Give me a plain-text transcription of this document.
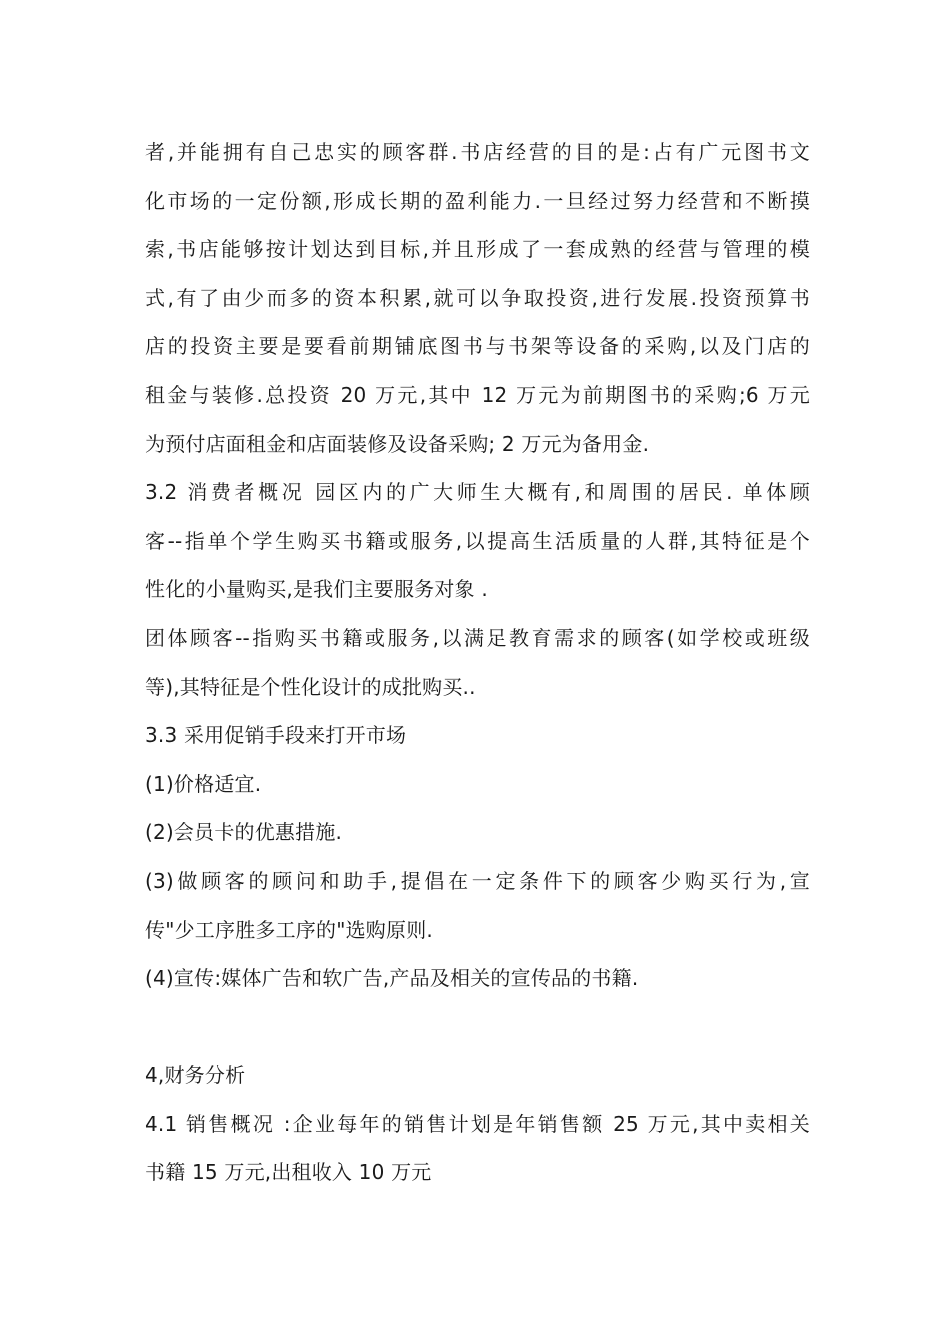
者,并能拥有自己忠实的顾客群.书店经营的目的是:占有广元图书文
化市场的一定份额,形成长期的盈利能力.一旦经过努力经营和不断摸
索,书店能够按计划达到目标,并且形成了一套成熟的经营与管理的模
式,有了由少而多的资本积累,就可以争取投资,进行发展.投资预算书
店的投资主要是要看前期铺底图书与书架等设备的采购,以及门店的
租金与装修.总投资 20 万元,其中 12 万元为前期图书的采购;6 万元
为预付店面租金和店面装修及设备采购; 2 万元为备用金.
3.2 消费者概况 园区内的广大师生大概有,和周围的居民. 单体顾
客--指单个学生购买书籍或服务,以提高生活质量的人群,其特征是个
性化的小量购买,是我们主要服务对象 .
团体顾客--指购买书籍或服务,以满足教育需求的顾客(如学校或班级
等),其特征是个性化设计的成批购买..
3.3 采用促销手段来打开市场
(1)价格适宜.
(2)会员卡的优惠措施.
(3)做顾客的顾问和助手,提倡在一定条件下的顾客少购买行为,宣
传"少工序胜多工序的"选购原则.
(4)宣传:媒体广告和软广告,产品及相关的宣传品的书籍.
4,财务分析
4.1 销售概况 :企业每年的销售计划是年销售额 25 万元,其中卖相关
书籍 15 万元,出租收入 10 万元
